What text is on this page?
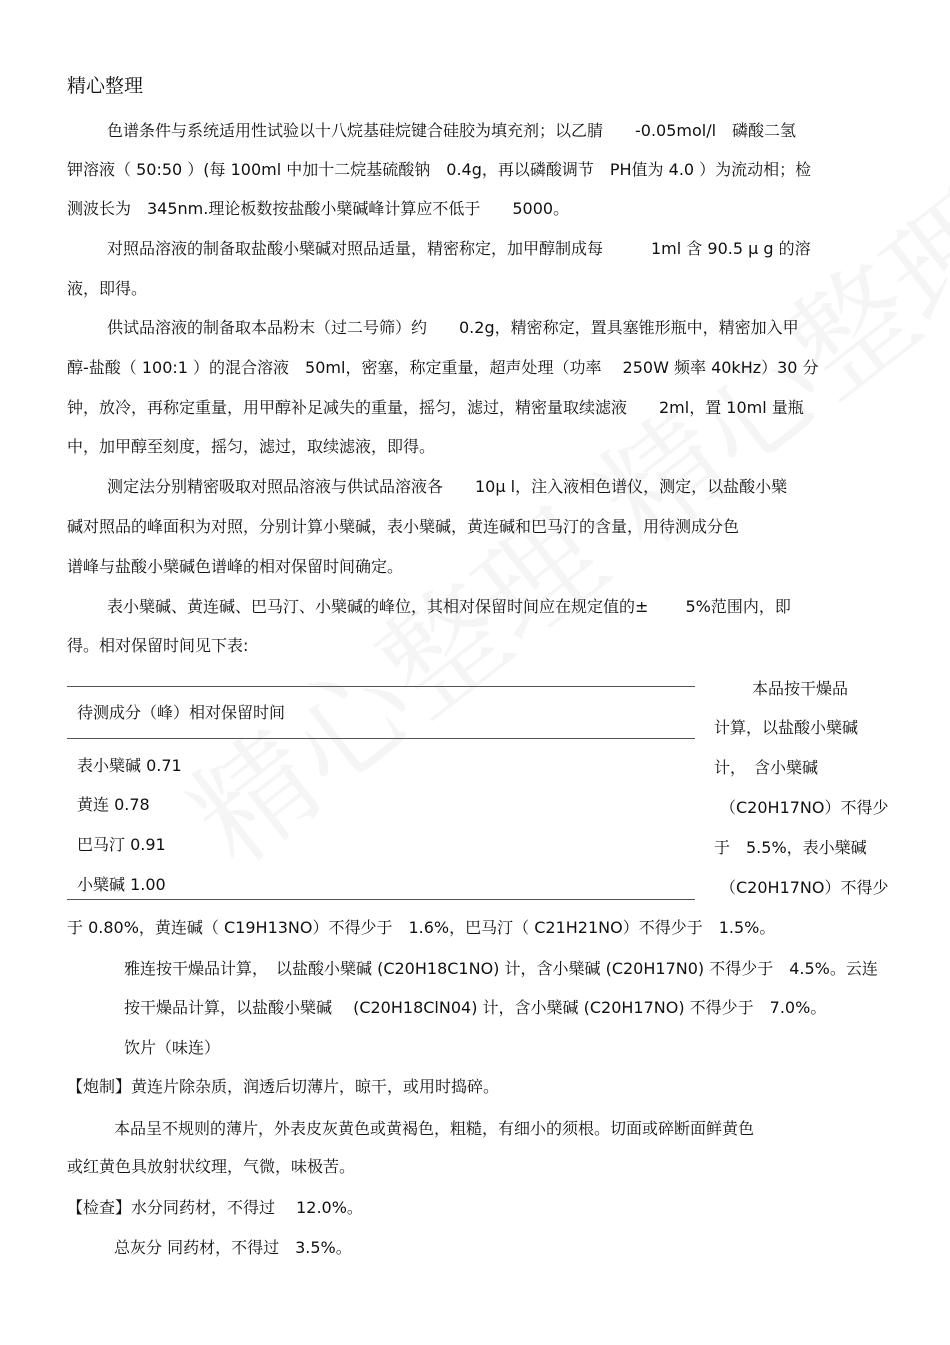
精心整理
色谱条件与系统适用性试验以十八烷基硅烷键合硅胶为填充剂；以乙腈　　-0.05mol/l　磷酸二氢
钾溶液（ 50:50 ）(每 100ml 中加十二烷基硫酸钠　0.4g，再以磷酸调节　PH值为 4.0 ）为流动相；检
测波长为　345nm.理论板数按盐酸小檗碱峰计算应不低于　　5000。
对照品溶液的制备取盐酸小檗碱对照品适量，精密称定，加甲醇制成每　　　1ml 含 90.5 μ g 的溶
液，即得。
供试品溶液的制备取本品粉末（过二号筛）约　　0.2g，精密称定，置具塞锥形瓶中，精密加入甲
醇-盐酸（ 100:1 ）的混合溶液　50ml，密塞，称定重量，超声处理（功率　 250W 频率 40kHz）30 分
钟，放冷，再称定重量，用甲醇补足减失的重量，摇匀，滤过，精密量取续滤液　　2ml，置 10ml 量瓶
中，加甲醇至刻度，摇匀，滤过，取续滤液，即得。
测定法分别精密吸取对照品溶液与供试品溶液各　　10μ l，注入液相色谱仪，测定，以盐酸小檗
碱对照品的峰面积为对照，分别计算小檗碱，表小檗碱，黄连碱和巴马汀的含量，用待测成分色
谱峰与盐酸小檗碱色谱峰的相对保留时间确定。
表小檗碱、黄连碱、巴马汀、小檗碱的峰位，其相对保留时间应在规定值的±　　 5%范围内，即
得。相对保留时间见下表:
待测成分（峰）相对保留时间
表小檗碱 0.71
黄连 0.78
巴马汀 0.91
小檗碱 1.00
本品按干燥品
计算，以盐酸小檗碱
计，　含小檗碱
（C20H17NO）不得少
于　5.5%，表小檗碱
（C20H17NO）不得少
于 0.80%，黄连碱（ C19H13NO）不得少于　1.6%，巴马汀（ C21H21NO）不得少于　1.5%。
雅连按干燥品计算，　以盐酸小檗碱 (C20H18C1NO) 计，含小檗碱 (C20H17N0) 不得少于　4.5%。云连
按干燥品计算，以盐酸小檗碱　 (C20H18ClN04) 计，含小檗碱 (C20H17NO) 不得少于　7.0%。
饮片（味连）
【炮制】黄连片除杂质，润透后切薄片，晾干，或用时捣碎。
本品呈不规则的薄片，外表皮灰黄色或黄褐色，粗糙，有细小的须根。切面或碎断面鲜黄色
或红黄色具放射状纹理，气微，味极苦。
【检查】水分同药材，不得过　 12.0%。
总灰分 同药材，不得过　3.5%。
